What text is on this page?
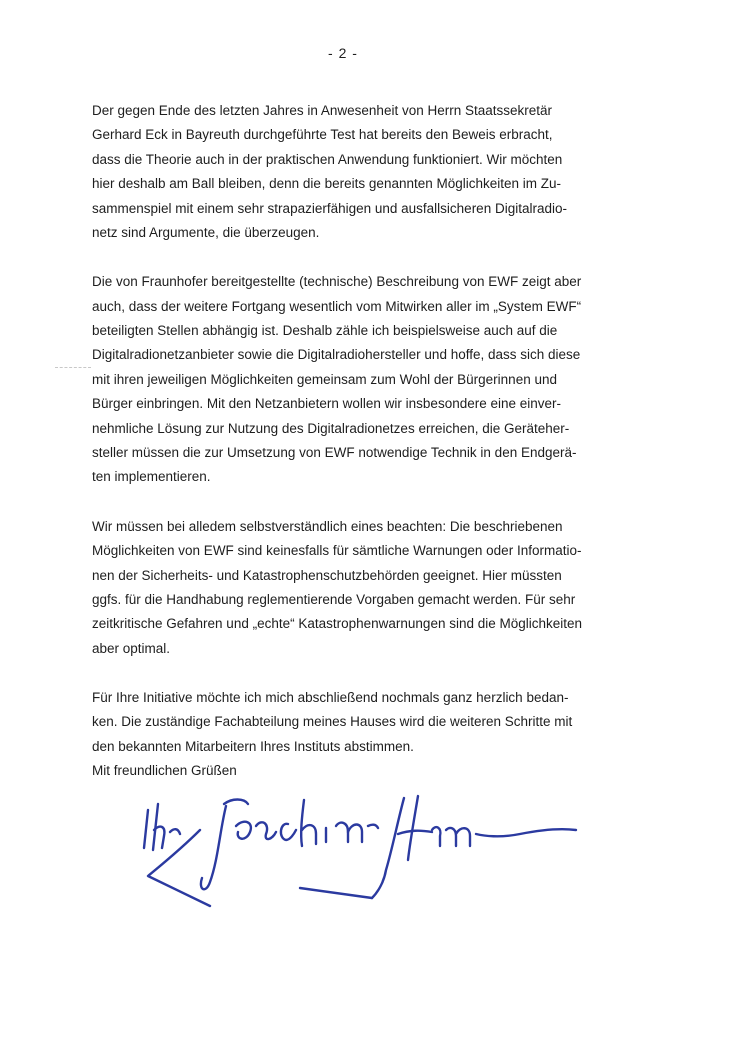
- 2 -

Der gegen Ende des letzten Jahres in Anwesenheit von Herrn Staatssekretär
Gerhard Eck in Bayreuth durchgeführte Test hat bereits den Beweis erbracht,
dass die Theorie auch in der praktischen Anwendung funktioniert. Wir möchten
hier deshalb am Ball bleiben, denn die bereits genannten Möglichkeiten im Zu-
sammenspiel mit einem sehr strapazierfähigen und ausfallsicheren Digitalradio-
netz sind Argumente, die überzeugen.

Die von Fraunhofer bereitgestellte (technische) Beschreibung von EWF zeigt aber
auch, dass der weitere Fortgang wesentlich vom Mitwirken aller im „System EWF“
beteiligten Stellen abhängig ist. Deshalb zähle ich beispielsweise auch auf die
Digitalradionetzanbieter sowie die Digitalradiohersteller und hoffe, dass sich diese
mit ihren jeweiligen Möglichkeiten gemeinsam zum Wohl der Bürgerinnen und
Bürger einbringen. Mit den Netzanbietern wollen wir insbesondere eine einver-
nehmliche Lösung zur Nutzung des Digitalradionetzes erreichen, die Geräteher-
steller müssen die zur Umsetzung von EWF notwendige Technik in den Endgerä-
ten implementieren.

Wir müssen bei alledem selbstverständlich eines beachten: Die beschriebenen
Möglichkeiten von EWF sind keinesfalls für sämtliche Warnungen oder Informatio-
nen der Sicherheits- und Katastrophenschutzbehörden geeignet. Hier müssten
ggfs. für die Handhabung reglementierende Vorgaben gemacht werden. Für sehr
zeitkritische Gefahren und „echte“ Katastrophenwarnungen sind die Möglichkeiten
aber optimal.

Für Ihre Initiative möchte ich mich abschließend nochmals ganz herzlich bedan-
ken. Die zuständige Fachabteilung meines Hauses wird die weiteren Schritte mit
den bekannten Mitarbeitern Ihres Instituts abstimmen.

Mit freundlichen Grüßen
